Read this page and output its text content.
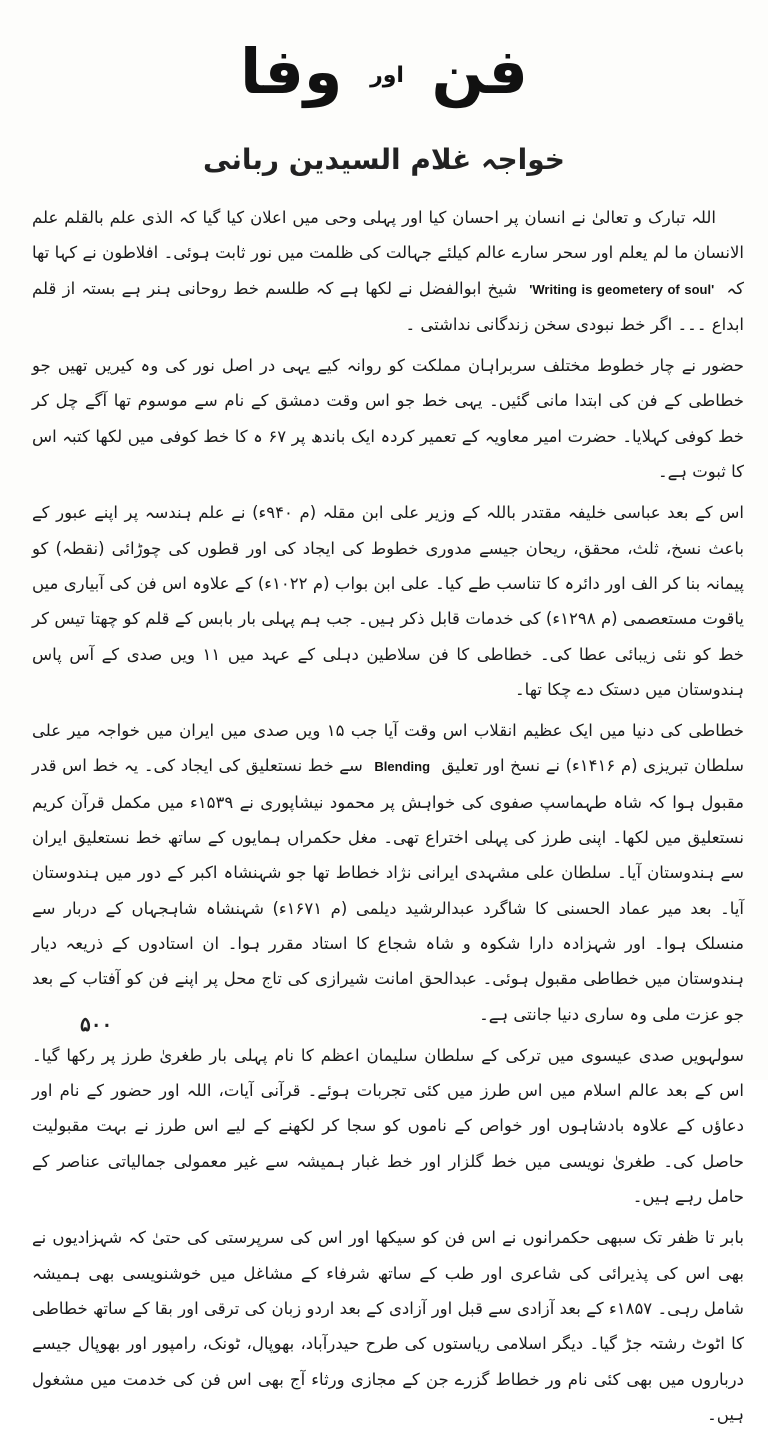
فن اور وفا
خواجہ غلام السیدین ربانی

اللہ تبارک و تعالیٰ نے انسان پر احسان کیا اور پہلی وحی میں اعلان کیا گیا کہ الذی علم بالقلم علم الانسان ما لم یعلم اور سحر سارے عالم کیلئے جہالت کی ظلمت میں نور ثابت ہوئی۔ افلاطون نے کہا تھا کہ 'Writing is geometery of soul' شیخ ابوالفضل نے لکھا ہے کہ طلسم خط روحانی ہنر ہے بستہ از قلم ابداع ۔۔۔ اگر خط نبودی سخن زندگانی نداشتی ۔

حضور نے چار خطوط مختلف سربراہان مملکت کو روانہ کیے یہی در اصل نور کی وہ کیریں تھیں جو خطاطی کے فن کی ابتدا مانی گئیں۔ یہی خط جو اس وقت دمشق کے نام سے موسوم تھا آگے چل کر خط کوفی کہلایا۔ حضرت امیر معاویہ کے تعمیر کردہ ایک باندھ پر ۶۷ ہ کا خط کوفی میں لکھا کتبہ اس کا ثبوت ہے۔

اس کے بعد عباسی خلیفہ مقتدر باللہ کے وزیر علی ابن مقلہ (م ۹۴۰ء) نے علم ہندسہ پر اپنے عبور کے باعث نسخ، ثلث، محقق، ریحان جیسے مدوری خطوط کی ایجاد کی اور قطوں کی چوڑائی (نقطہ) کو پیمانہ بنا کر الف اور دائرہ کا تناسب طے کیا۔ علی ابن بواب (م ۱۰۲۲ء) کے علاوہ اس فن کی آبیاری میں یاقوت مستعصمی (م ۱۲۹۸ء) کی خدمات قابل ذکر ہیں۔ جب ہم پہلی بار بابس کے قلم کو چھتا تیس کر خط کو نئی زیبائی عطا کی۔ خطاطی کا فن سلاطین دہلی کے عہد میں ۱۱ ویں صدی کے آس پاس ہندوستان میں دستک دے چکا تھا۔

خطاطی کی دنیا میں ایک عظیم انقلاب اس وقت آیا جب ۱۵ ویں صدی میں ایران میں خواجہ میر علی سلطان تبریزی (م ۱۴۱۶ء) نے نسخ اور تعلیق Blending سے خط نستعلیق کی ایجاد کی۔ یہ خط اس قدر مقبول ہوا کہ شاہ طہماسپ صفوی کی خواہش پر محمود نیشاپوری نے ۱۵۳۹ء میں مکمل قرآن کریم نستعلیق میں لکھا۔ اپنی طرز کی پہلی اختراع تھی۔ مغل حکمراں ہمایوں کے ساتھ خط نستعلیق ایران سے ہندوستان آیا۔ سلطان علی مشہدی ایرانی نژاد خطاط تھا جو شہنشاہ اکبر کے دور میں ہندوستان آیا۔ بعد میر عماد الحسنی کا شاگرد عبدالرشید دیلمی (م ۱۶۷۱ء) شہنشاہ شاہجہاں کے دربار سے منسلک ہوا۔ اور شہزادہ دارا شکوہ و شاہ شجاع کا استاد مقرر ہوا۔ ان استادوں کے ذریعہ دیار ہندوستان میں خطاطی مقبول ہوئی۔ عبدالحق امانت شیرازی کی تاج محل پر اپنے فن کو آفتاب کے بعد جو عزت ملی وہ ساری دنیا جانتی ہے۔

سولہویں صدی عیسوی میں ترکی کے سلطان سلیمان اعظم کا نام پہلی بار طغریٰ طرز پر رکھا گیا۔ اس کے بعد عالم اسلام میں اس طرز میں کئی تجربات ہوئے۔ قرآنی آیات، اللہ اور حضور کے نام اور دعاؤں کے علاوہ بادشاہوں اور خواص کے ناموں کو سجا کر لکھنے کے لیے اس طرز نے بہت مقبولیت حاصل کی۔ طغریٰ نویسی میں خط گلزار اور خط غبار ہمیشہ سے غیر معمولی جمالیاتی عناصر کے حامل رہے ہیں۔

بابر تا ظفر تک سبھی حکمرانوں نے اس فن کو سیکھا اور اس کی سرپرستی کی حتیٰ کہ شہزادیوں نے بھی اس کی پذیرائی کی شاعری اور طب کے ساتھ شرفاء کے مشاغل میں خوشنویسی بھی ہمیشہ شامل رہی۔ ۱۸۵۷ء کے بعد آزادی سے قبل اور آزادی کے بعد اردو زبان کی ترقی اور بقا کے ساتھ خطاطی کا اٹوٹ رشتہ جڑ گیا۔ دیگر اسلامی ریاستوں کی طرح حیدرآباد، بھوپال، ٹونک، رامپور اور بھوپال جیسے درباروں میں بھی کئی نام ور خطاط گزرے جن کے مجازی ورثاء آج بھی اس فن کی خدمت میں مشغول ہیں۔

۵۰۰
